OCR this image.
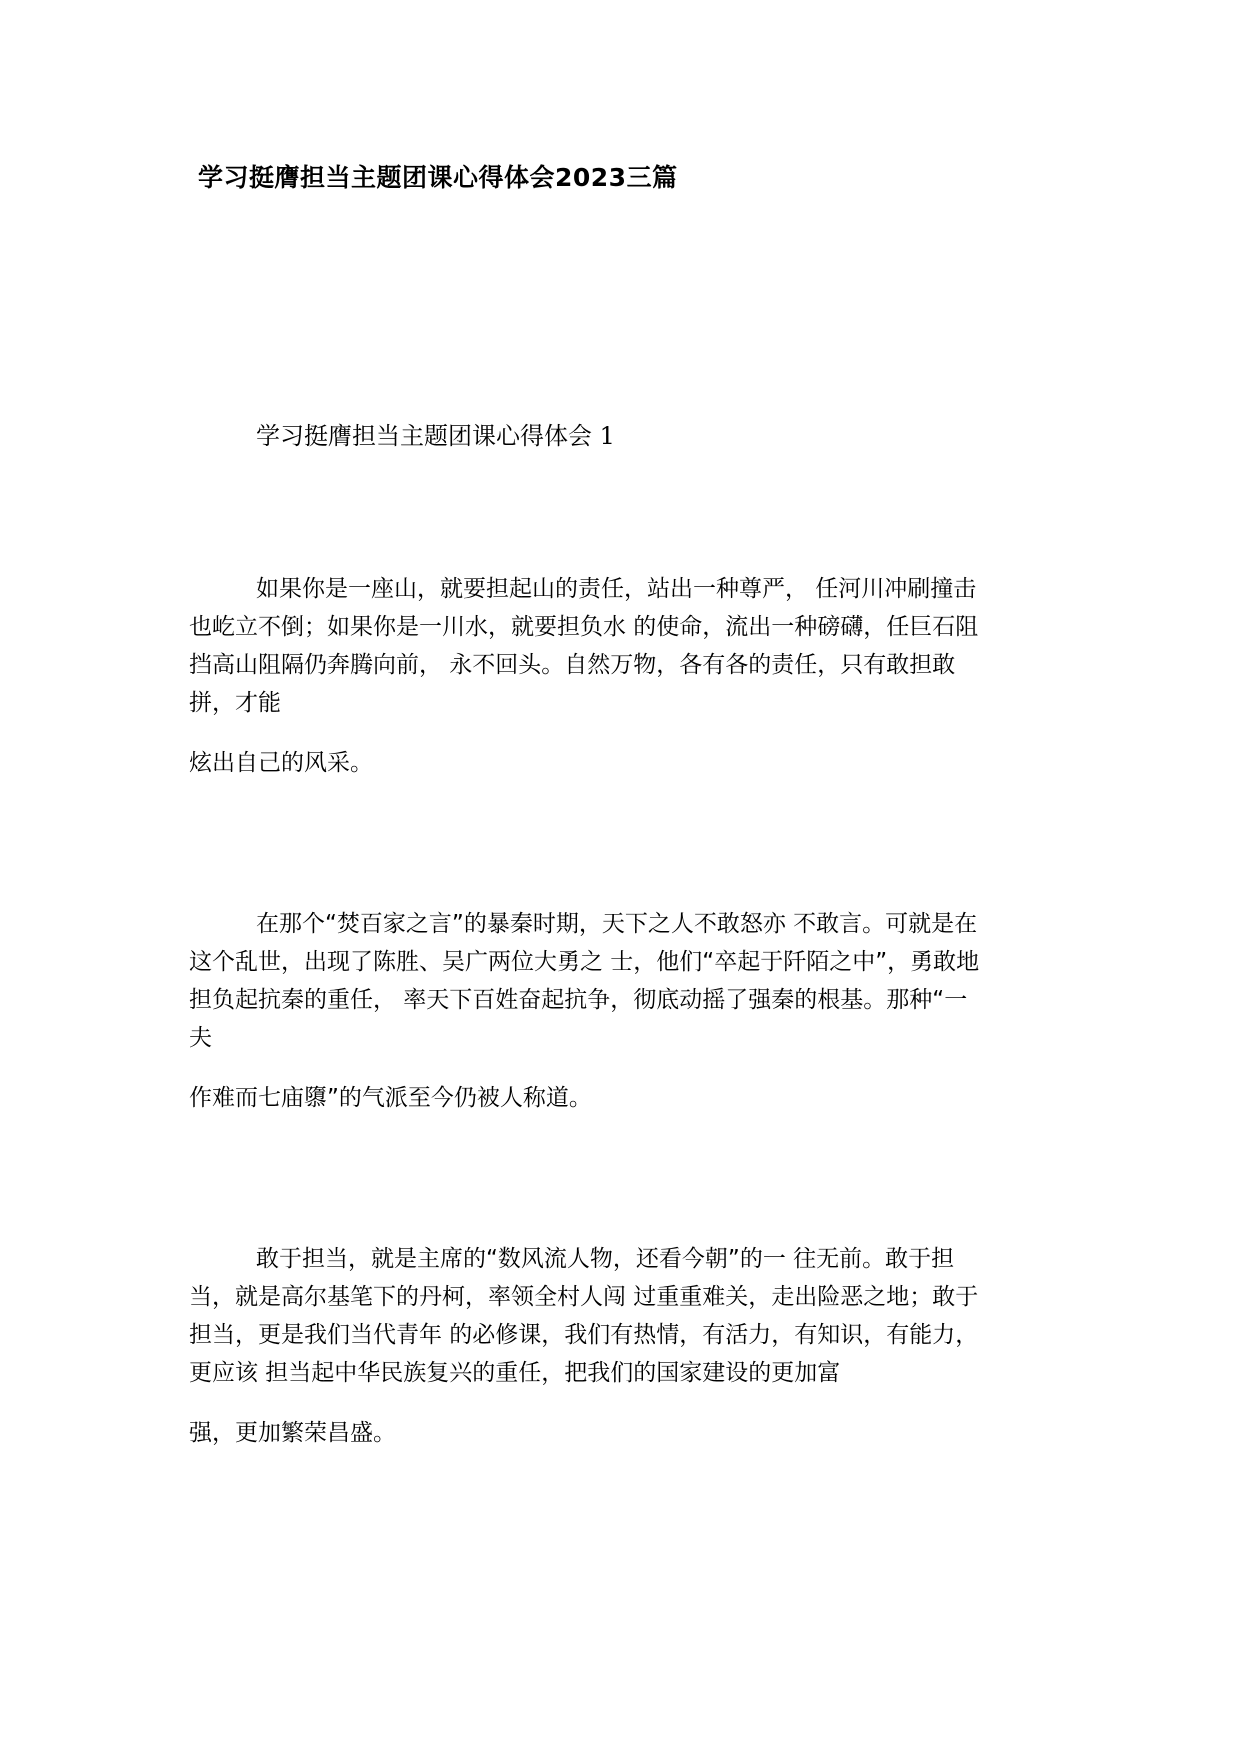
学习挺膺担当主题团课心得体会2023三篇
学习挺膺担当主题团课心得体会 1
如果你是一座山，就要担起山的责任，站出一种尊严， 任河川冲刷撞击
也屹立不倒；如果你是一川水，就要担负水 的使命，流出一种磅礴，任巨石阻
挡高山阻隔仍奔腾向前， 永不回头。自然万物，各有各的责任，只有敢担敢
拼，才能
炫出自己的风采。
在那个“焚百家之言”的暴秦时期，天下之人不敢怒亦 不敢言。可就是在
这个乱世，出现了陈胜、吴广两位大勇之 士，他们“卒起于阡陌之中”，勇敢地
担负起抗秦的重任， 率天下百姓奋起抗争，彻底动摇了强秦的根基。那种“一
夫
作难而七庙隳”的气派至今仍被人称道。
敢于担当，就是主席的“数风流人物，还看今朝”的一 往无前。敢于担
当，就是高尔基笔下的丹柯，率领全村人闯 过重重难关，走出险恶之地；敢于
担当，更是我们当代青年 的必修课，我们有热情，有活力，有知识，有能力，
更应该 担当起中华民族复兴的重任，把我们的国家建设的更加富
强，更加繁荣昌盛。
